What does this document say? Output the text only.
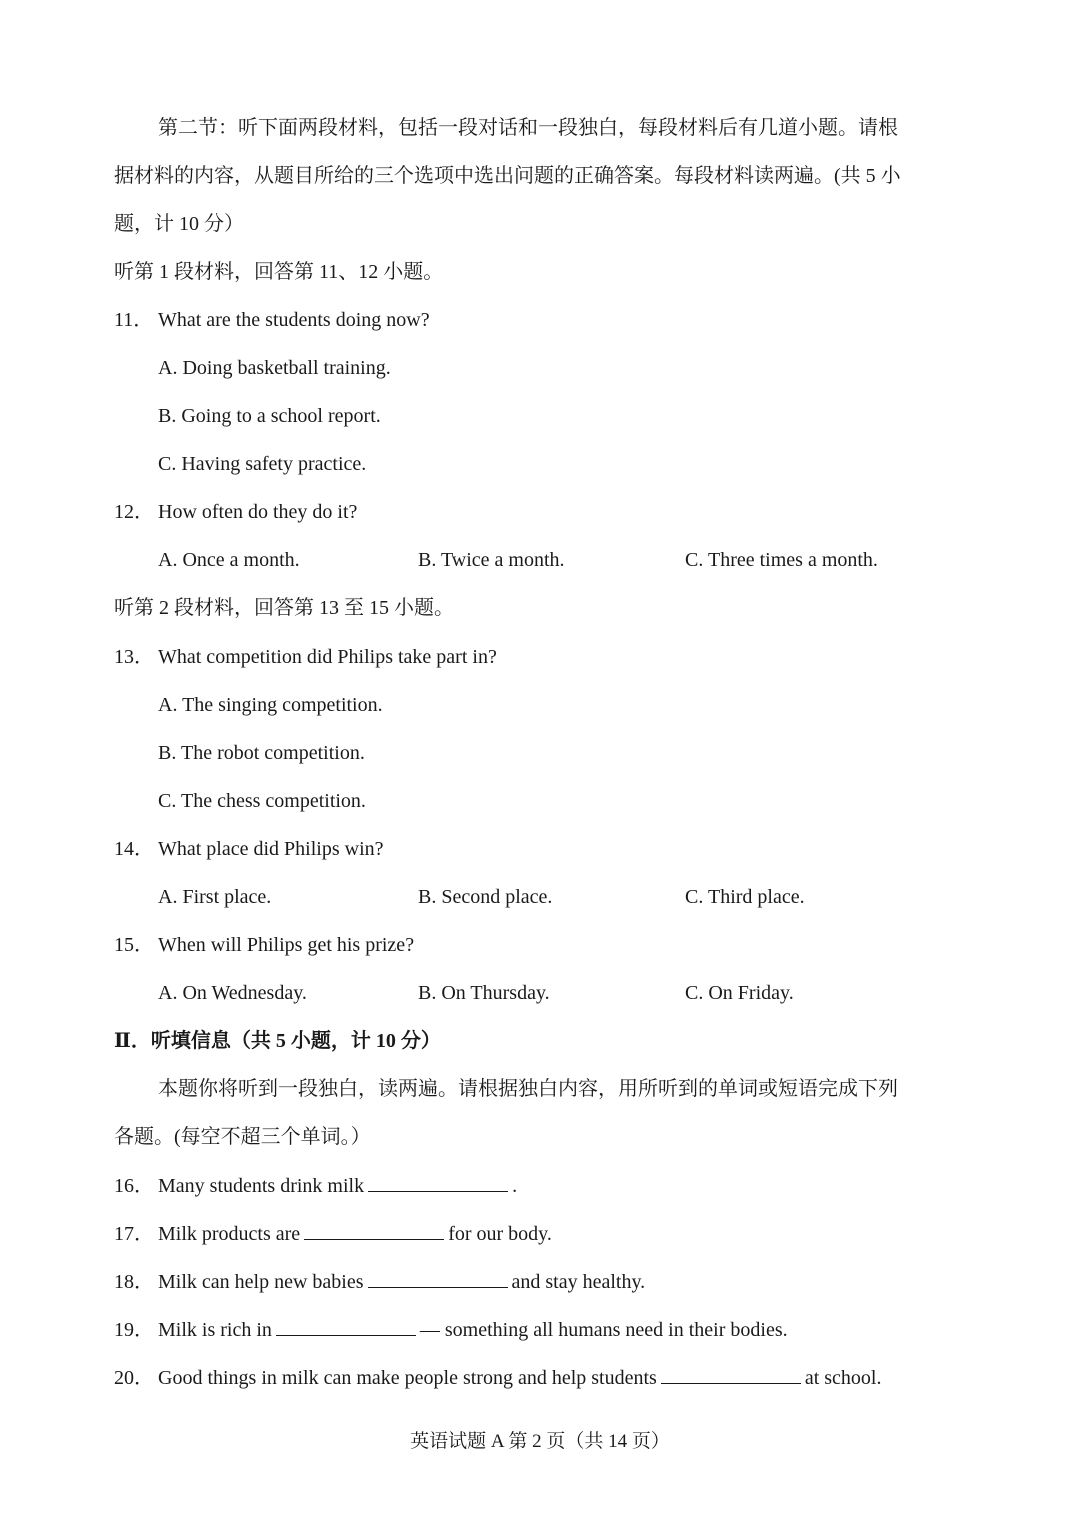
第二节：听下面两段材料，包括一段对话和一段独白，每段材料后有几道小题。请根
据材料的内容，从题目所给的三个选项中选出问题的正确答案。每段材料读两遍。(共 5 小
题，计 10 分）
听第 1 段材料，回答第 11、12 小题。
11． What are the students doing now?
A. Doing basketball training.
B. Going to a school report.
C. Having safety practice.
12． How often do they do it?
A. Once a month.	B. Twice a month.	C. Three times a month.
听第 2 段材料，回答第 13 至 15 小题。
13． What competition did Philips take part in?
A. The singing competition.
B. The robot competition.
C. The chess competition.
14． What place did Philips win?
A. First place.	B. Second place.	C. Third place.
15． When will Philips get his prize?
A. On Wednesday.	B. On Thursday.	C. On Friday.
Ⅱ．听填信息（共 5 小题，计 10 分）
本题你将听到一段独白，读两遍。请根据独白内容，用所听到的单词或短语完成下列
各题。(每空不超三个单词。）
16． Many students drink milk	.
17． Milk products are	for our body.
18． Milk can help new babies	and stay healthy.
19． Milk is rich in	— something all humans need in their bodies.
20． Good things in milk can make people strong and help students	at school.
英语试题 A 第 2 页（共 14 页）
